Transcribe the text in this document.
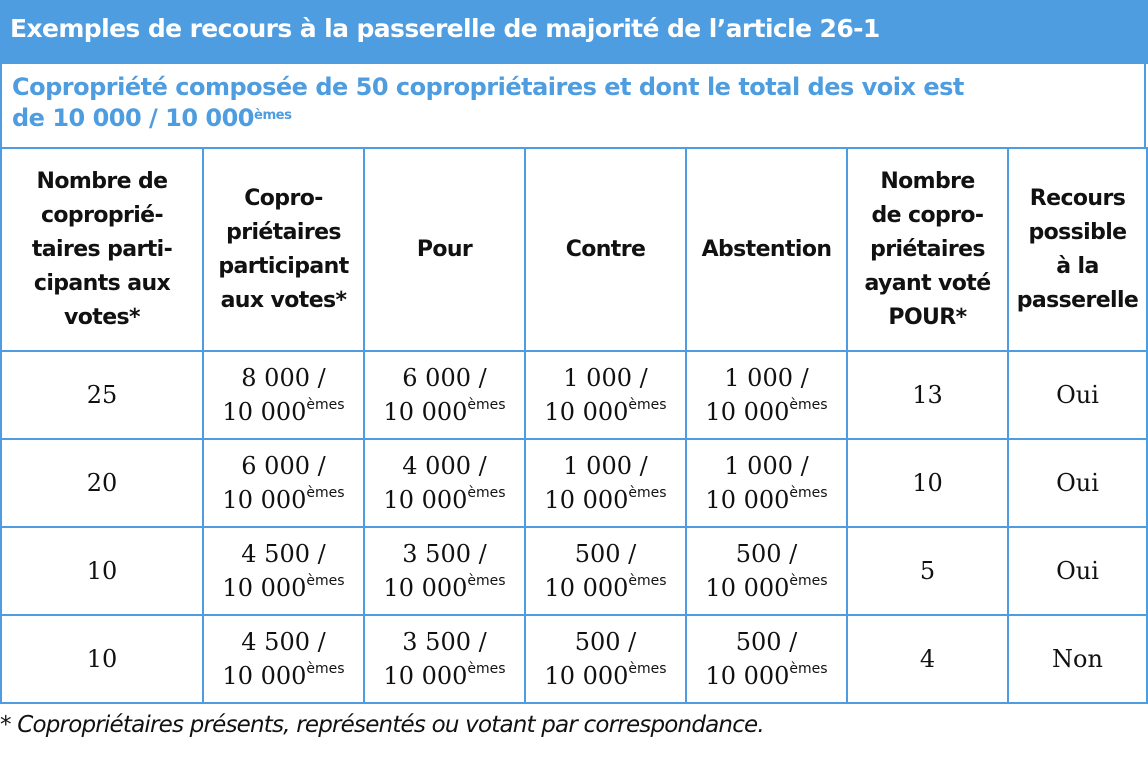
Exemples de recours à la passerelle de majorité de l’article 26-1
Copropriété composée de 50 copropriétaires et dont le total des voix est
de 10 000 / 10 000èmes
Nombre de
coproprié-
taires parti-
cipants aux
votes*	Copro-
priétaires
participant
aux votes*	Pour	Contre	Abstention	Nombre
de copro-
priétaires
ayant voté
POUR*	Recours
possible
à la
passerelle
25	8 000 /
10 000èmes	6 000 /
10 000èmes	1 000 /
10 000èmes	1 000 /
10 000èmes	13	Oui
20	6 000 /
10 000èmes	4 000 /
10 000èmes	1 000 /
10 000èmes	1 000 /
10 000èmes	10	Oui
10	4 500 /
10 000èmes	3 500 /
10 000èmes	500 /
10 000èmes	500 /
10 000èmes	5	Oui
10	4 500 /
10 000èmes	3 500 /
10 000èmes	500 /
10 000èmes	500 /
10 000èmes	4	Non
* Copropriétaires présents, représentés ou votant par correspondance.
